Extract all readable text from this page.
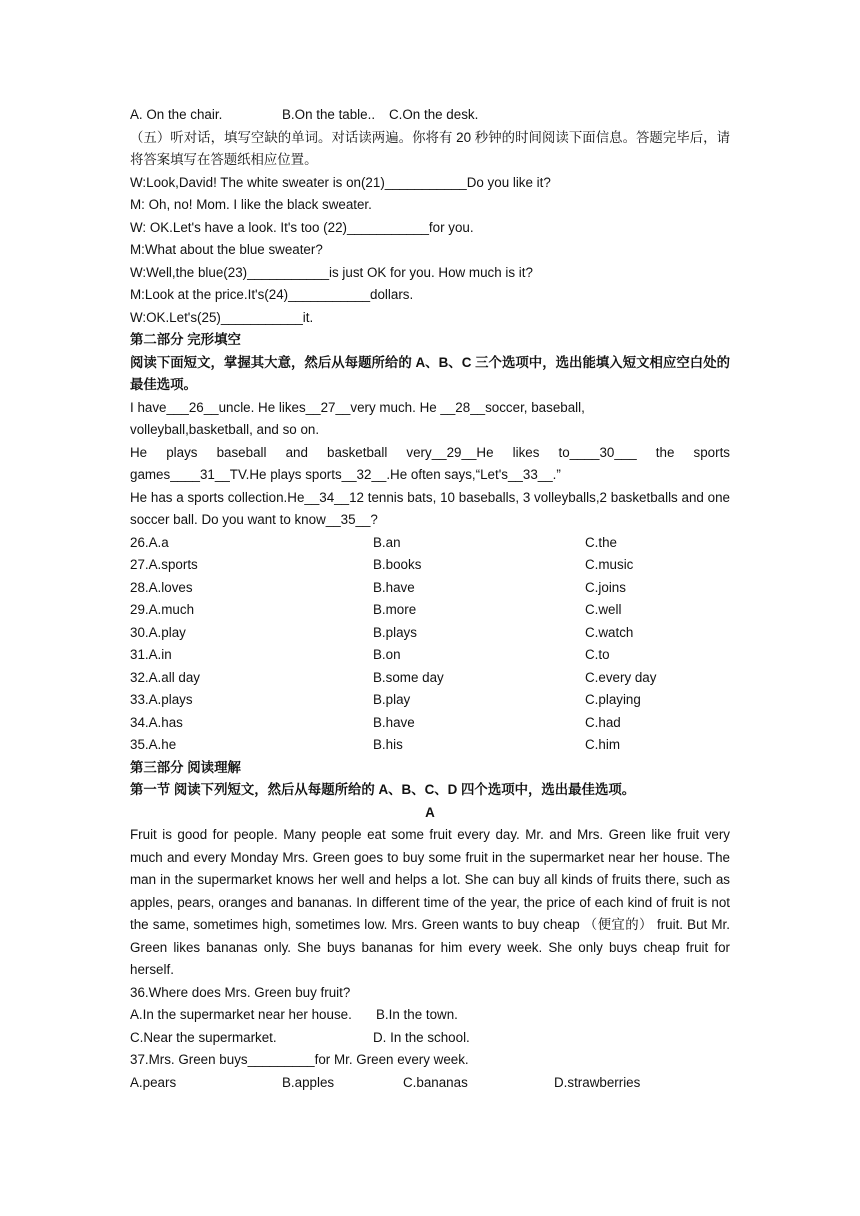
A. On the chair.	B.On the table.. C.On the desk.

（五）听对话，填写空缺的单词。对话读两遍。你将有 20 秒钟的时间阅读下面信息。答题完毕后，请将答案填写在答题纸相应位置。
W:Look,David! The white sweater is on(21)___________Do you like it?
M: Oh, no! Mom. I like the black sweater.
W: OK.Let's have a look. It's too (22)___________for you.
M:What about the blue sweater?
W:Well,the blue(23)___________is just OK for you. How much is it?
M:Look at the price.It's(24)___________dollars.
W:OK.Let's(25)___________it.
第二部分 完形填空
阅读下面短文，掌握其大意，然后从每题所给的 A、B、C 三个选项中，选出能填入短文相应空白处的最佳选项。
I have___26__uncle. He likes__27__very much. He __28__soccer, baseball,
volleyball,basketball, and so on.
He plays baseball and basketball very__29__He likes to____30___ the sports games____31__TV.He plays sports__32__.He often says,“Let's__33__.”
He has a sports collection.He__34__12 tennis bats, 10 baseballs, 3 volleyballs,2 basketballs and one soccer ball. Do you want to know__35__?
26.A.a	B.an	C.the
27.A.sports	B.books	C.music
28.A.loves	B.have	C.joins
29.A.much	B.more	C.well
30.A.play	B.plays	C.watch
31.A.in	B.on	C.to
32.A.all day	B.some day	C.every day
33.A.plays	B.play	C.playing
34.A.has	B.have	C.had
35.A.he	B.his	C.him
第三部分 阅读理解
第一节 阅读下列短文，然后从每题所给的 A、B、C、D 四个选项中，选出最佳选项。
A
Fruit is good for people. Many people eat some fruit every day. Mr. and Mrs. Green like fruit very much and every Monday Mrs. Green goes to buy some fruit in the supermarket near her house. The man in the supermarket knows her well and helps a lot. She can buy all kinds of fruits there, such as apples, pears, oranges and bananas. In different time of the year, the price of each kind of fruit is not the same, sometimes high, sometimes low. Mrs. Green wants to buy cheap （便宜的） fruit. But Mr. Green likes bananas only. She buys bananas for him every week. She only buys cheap fruit for herself.
36.Where does Mrs. Green buy fruit?
A.In the supermarket near her house. B.In the town.

C.Near the supermarket.	D. In the school.

37.Mrs. Green buys_________for Mr. Green every week.
A.pears	B.apples	C.bananas	D.strawberries
